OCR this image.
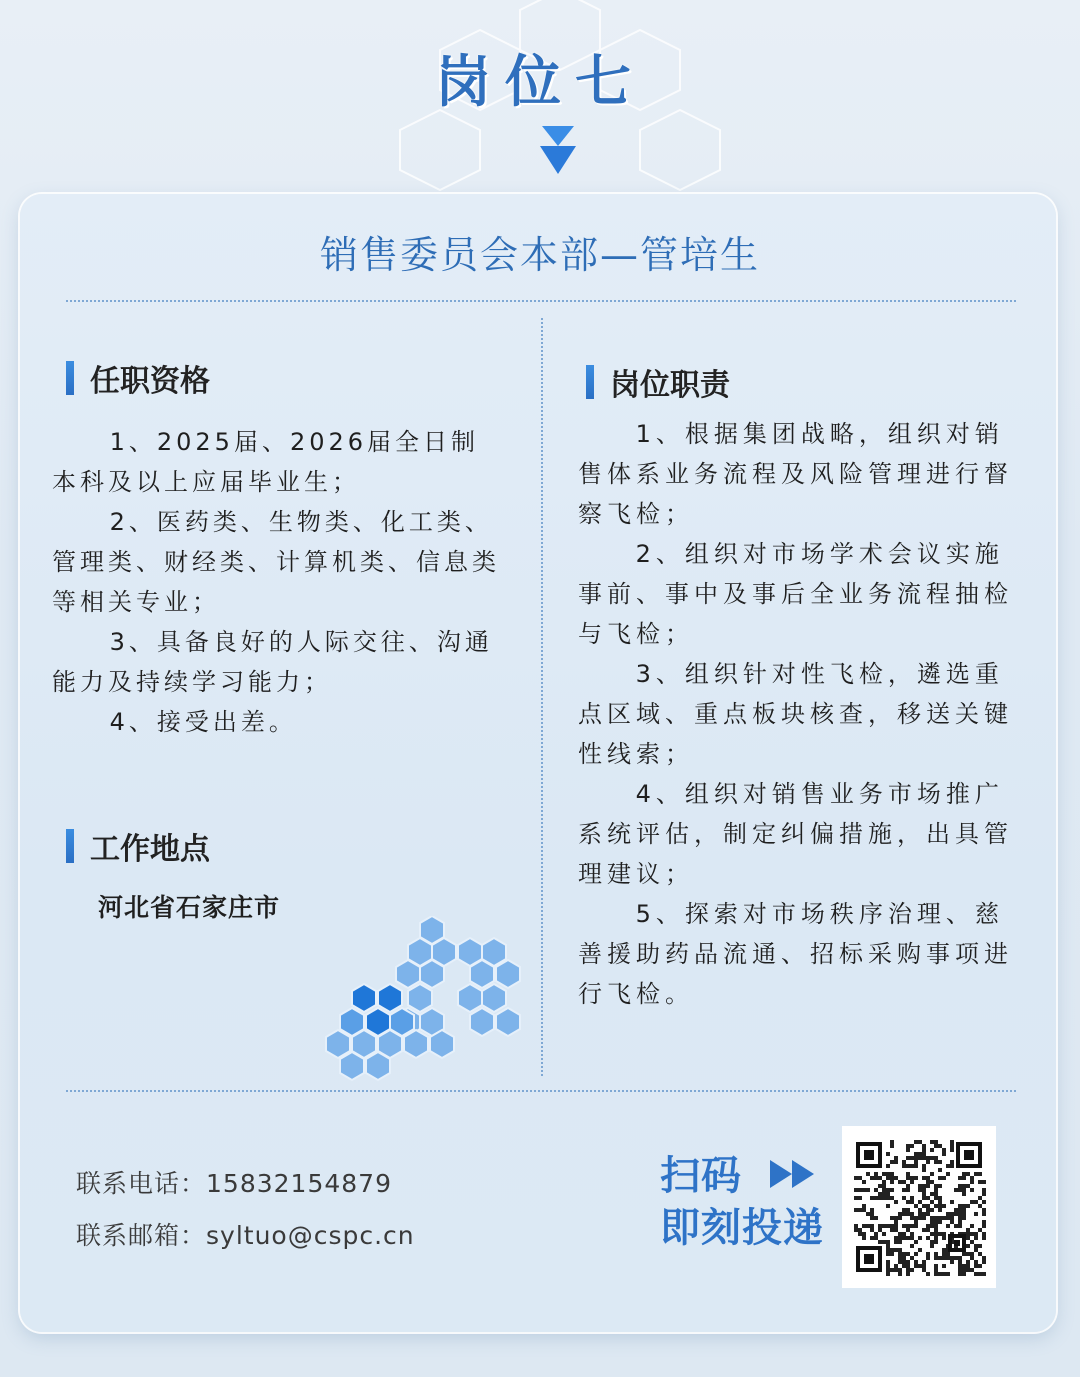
岗位七
销售委员会本部—管培生
任职资格

1、2025届、2026届全日制本科及以上应届毕业生；

2、医药类、生物类、化工类、管理类、财经类、计算机类、信息类等相关专业；

3、具备良好的人际交往、沟通能力及持续学习能力；

4、接受出差。

工作地点
河北省石家庄市
岗位职责

1、根据集团战略，组织对销售体系业务流程及风险管理进行督察飞检；

2、组织对市场学术会议实施事前、事中及事后全业务流程抽检与飞检；

3、组织针对性飞检，遴选重点区域、重点板块核查，移送关键性线索；

4、组织对销售业务市场推广系统评估，制定纠偏措施，出具管理建议；

5、探索对市场秩序治理、慈善援助药品流通、招标采购事项进行飞检。

联系电话：15832154879
联系邮箱：syltuo@cspc.cn
扫码
即刻投递
